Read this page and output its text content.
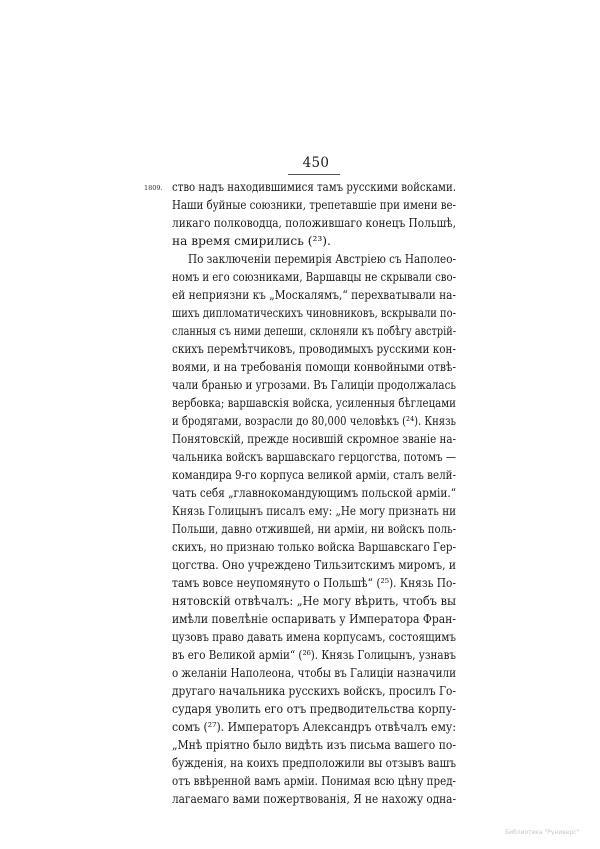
450
1809. ство надъ находившимися тамъ русскими войсками.
Наши буйные союзники, трепетавшіе при имени ве-
ликаго полководца, положившаго конецъ Польшѣ,
на время смирились (²³).
По заключеніи перемирія Австріею съ Наполео-
номъ и его союзниками, Варшавцы не скрывали сво-
ей неприязни къ „Москалямъ,“ перехватывали на-
шихъ дипломатическихъ чиновниковъ, вскрывали по-
сланныя съ ними депеши, склоняли къ побѣгу австрій-
скихъ перемѣтчиковъ, проводимыхъ русскими кон-
воями, и на требованія помощи конвойными отвѣ-
чали бранью и угрозами. Въ Галиціи продолжалась
вербовка; варшавскія войска, усиленныя бѣглецами
и бродягами, возрасли до 80,000 человѣкъ (²⁴). Князь
Понятовскій, прежде носившій скромное званіе на-
чальника войскъ варшавскаго герцогства, потомъ —
командира 9-го корпуса великой арміи, сталъ велй-
чать себя „главнокомандующимъ польской арміи.“
Князь Голицынъ писалъ ему: „Не могу признать ни
Польши, давно отжившей, ни арміи, ни войскъ поль-
скихъ, но признаю только войска Варшавскаго Гер-
цогства. Оно учреждено Тильзитскимъ миромъ, и
тамъ вовсе неупомянуто о Польшѣ“ (²⁵). Князь По-
нятовскій отвѣчалъ: „Не могу вѣрить, чтобъ вы
имѣли повелѣніе оспаривать у Императора Фран-
цузовъ право давать имена корпусамъ, состоящимъ
въ его Великой арміи“ (²⁶). Князь Голицынъ, узнавъ
о желаніи Наполеона, чтобы въ Галиціи назначили
другаго начальника русскихъ войскъ, просилъ Го-
сударя уволить его отъ предводительства корпу-
сомъ (²⁷). Императоръ Александръ отвѣчалъ ему:
„Мнѣ пріятно было видѣть изъ письма вашего по-
бужденія, на коихъ предположили вы отзывъ вашъ
отъ ввѣренной вамъ арміи. Понимая всю цѣну пред-
лагаемаго вами пожертвованія, Я не нахожу одна-
Библиотека "Руниверс"
